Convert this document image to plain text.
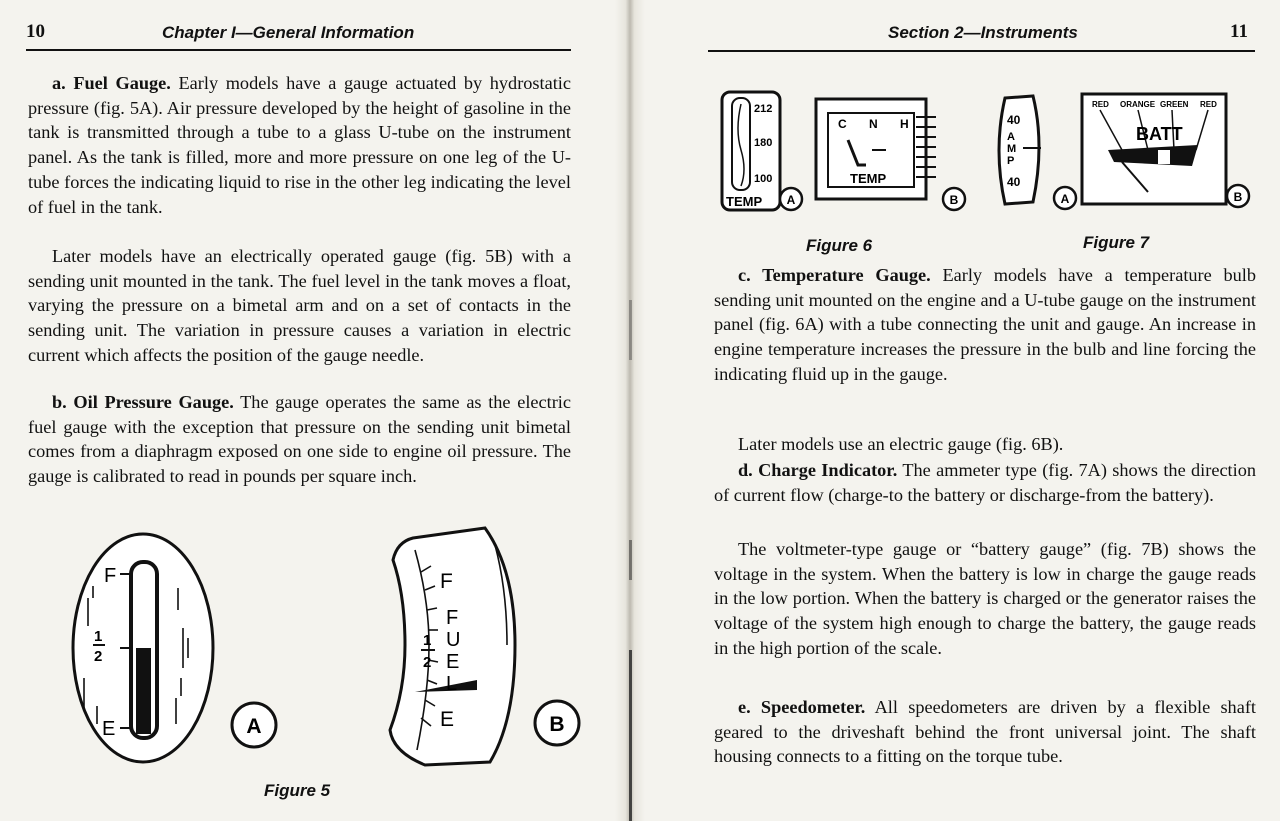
10	Chapter I—General Information

a. Fuel Gauge. Early models have a gauge actuated by hydrostatic pressure (fig. 5A). Air pressure developed by the height of gasoline in the tank is transmitted through a tube to a glass U-tube on the instrument panel. As the tank is filled, more and more pressure on one leg of the U-tube forces the indicating liquid to rise in the other leg indicating the level of fuel in the tank.

Later models have an electrically operated gauge (fig. 5B) with a sending unit mounted in the tank. The fuel level in the tank moves a float, varying the pressure on a bimetal arm and on a set of contacts in the sending unit. The variation in pressure causes a variation in electric current which affects the position of the gauge needle.

b. Oil Pressure Gauge. The gauge operates the same as the electric fuel gauge with the exception that pressure on the sending unit bimetal comes from a diaphragm exposed on one side to engine oil pressure. The gauge is calibrated to read in pounds per square inch.

F
1
2
E	A
F
1
2
E
F
U
E
L
B
Figure 5
Section 2—Instruments	11
212
180
100
TEMP A
C N H
TEMP
B
40
A
M
P
40
A
RED ORANGE GREEN RED
BATT
B
Figure 6	Figure 7

c. Temperature Gauge. Early models have a temperature bulb sending unit mounted on the engine and a U-tube gauge on the instrument panel (fig. 6A) with a tube connecting the unit and gauge. An increase in engine temperature increases the pressure in the bulb and line forcing the indicating fluid up in the gauge.

Later models use an electric gauge (fig. 6B).

d. Charge Indicator. The ammeter type (fig. 7A) shows the direction of current flow (charge-to the battery or discharge-from the battery).

The voltmeter-type gauge or “battery gauge” (fig. 7B) shows the voltage in the system. When the battery is low in charge the gauge reads in the low portion. When the battery is charged or the generator raises the voltage of the system high enough to charge the battery, the gauge reads in the high portion of the scale.

e. Speedometer. All speedometers are driven by a flexible shaft geared to the driveshaft behind the front universal joint. The shaft housing connects to a fitting on the torque tube.
